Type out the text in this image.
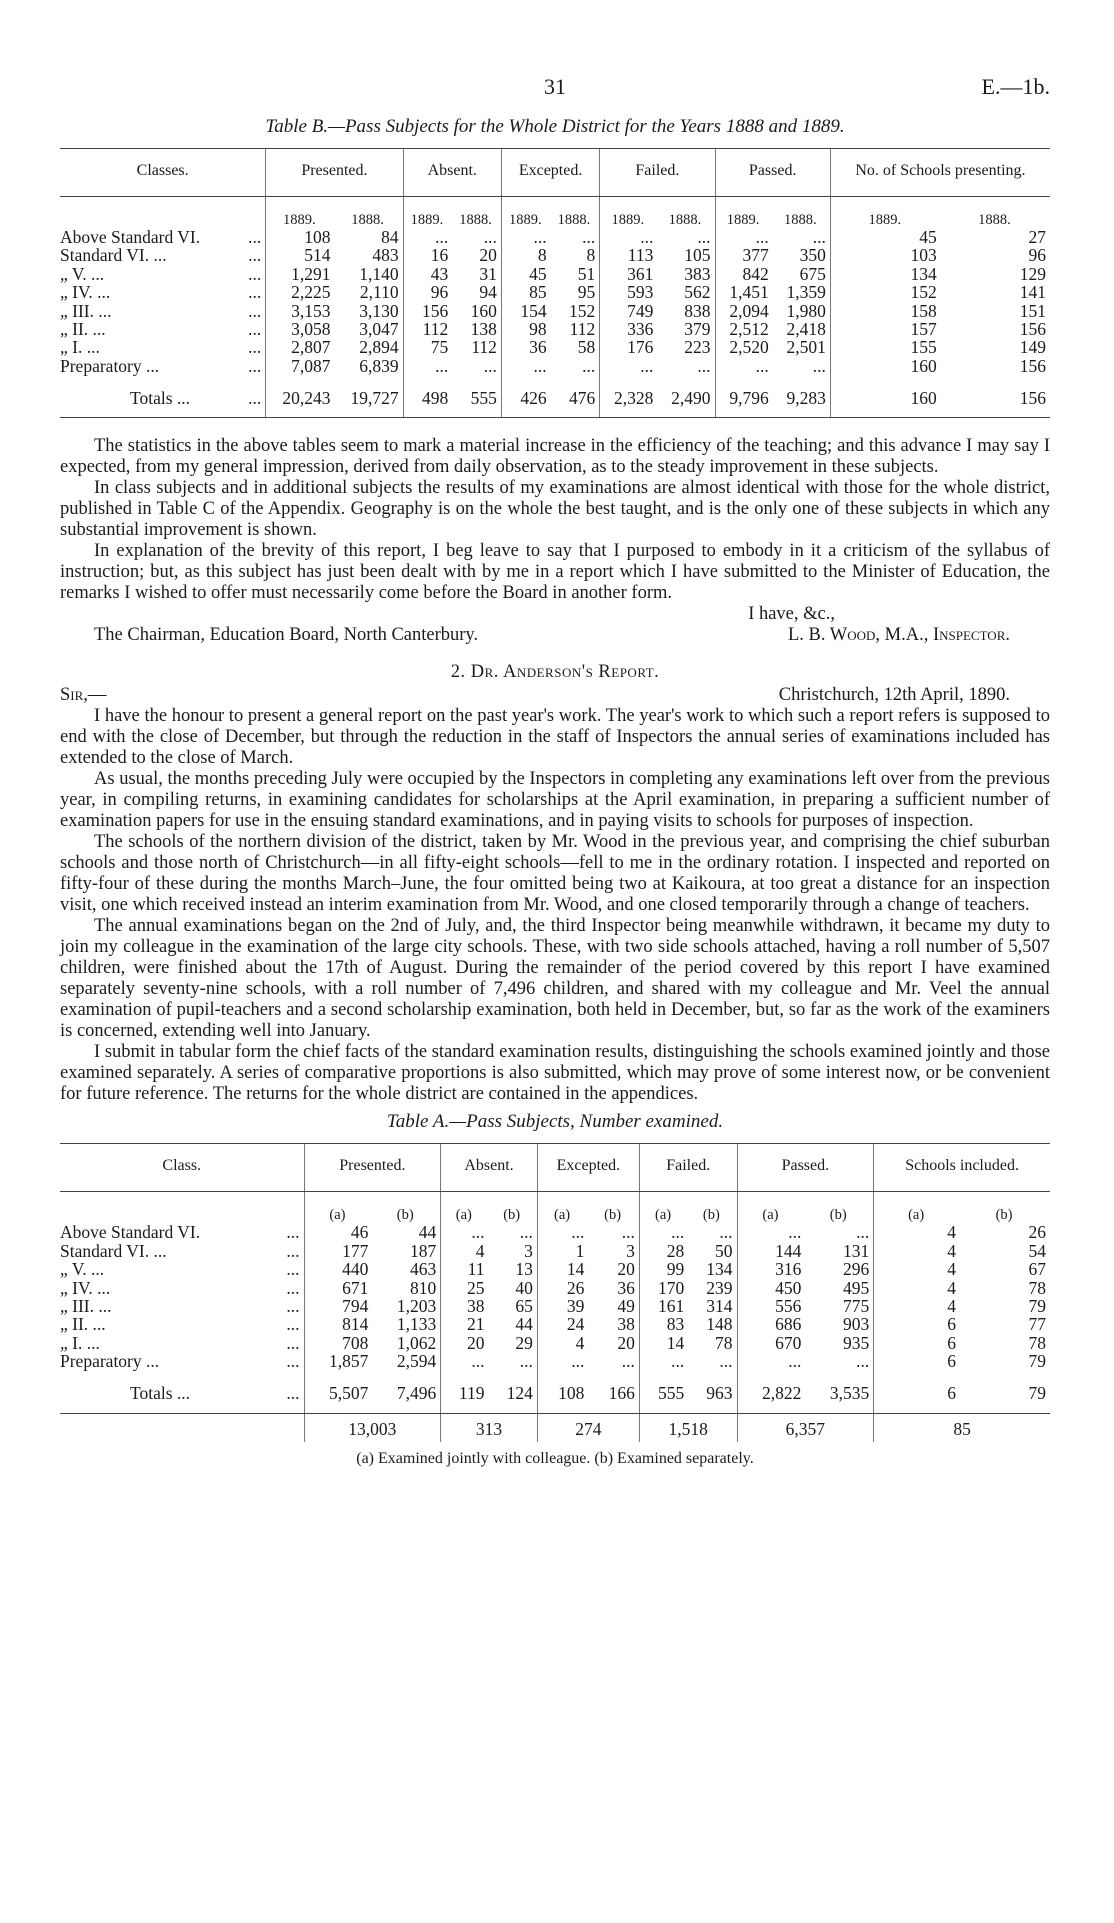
31	E.—1b.
Table B.—Pass Subjects for the Whole District for the Years 1888 and 1889.
Classes.		Presented.		Absent.		Excepted.		Failed.		Passed.		No. of Schools presenting.	
		1889.	1888.	1889.	1888.	1889.	1888.	1889.	1888.	1889.	1888.	1889.	1888.
Above Standard VI.	...	108	84	...	...	...	...	...	...	...	...	45	27
Standard VI. ...	...	514	483	16	20	8	8	113	105	377	350	103	96
„ V. ...	...	1,291	1,140	43	31	45	51	361	383	842	675	134	129
„ IV. ...	...	2,225	2,110	96	94	85	95	593	562	1,451	1,359	152	141
„ III. ...	...	3,153	3,130	156	160	154	152	749	838	2,094	1,980	158	151
„ II. ...	...	3,058	3,047	112	138	98	112	336	379	2,512	2,418	157	156
„ I. ...	...	2,807	2,894	75	112	36	58	176	223	2,520	2,501	155	149
Preparatory ...	...	7,087	6,839	...	...	...	...	...	...	...	...	160	156
Totals ...	...	20,243	19,727	498	555	426	476	2,328	2,490	9,796	9,283	160	156

The statistics in the above tables seem to mark a material increase in the efficiency of the teaching; and this advance I may say I expected, from my general impression, derived from daily observation, as to the steady improvement in these subjects.

In class subjects and in additional subjects the results of my examinations are almost identical with those for the whole district, published in Table C of the Appendix. Geography is on the whole the best taught, and is the only one of these subjects in which any substantial improvement is shown.

In explanation of the brevity of this report, I beg leave to say that I purposed to embody in it a criticism of the syllabus of instruction; but, as this subject has just been dealt with by me in a report which I have submitted to the Minister of Education, the remarks I wished to offer must necessarily come before the Board in another form.

I have, &c.,
The Chairman, Education Board, North Canterbury.	L. B. Wood, M.A., Inspector.
2. Dr. Anderson's Report.
Sir,—	Christchurch, 12th April, 1890.

I have the honour to present a general report on the past year's work. The year's work to which such a report refers is supposed to end with the close of December, but through the reduction in the staff of Inspectors the annual series of examinations included has extended to the close of March.

As usual, the months preceding July were occupied by the Inspectors in completing any examinations left over from the previous year, in compiling returns, in examining candidates for scholarships at the April examination, in preparing a sufficient number of examination papers for use in the ensuing standard examinations, and in paying visits to schools for purposes of inspection.

The schools of the northern division of the district, taken by Mr. Wood in the previous year, and comprising the chief suburban schools and those north of Christchurch—in all fifty-eight schools—fell to me in the ordinary rotation. I inspected and reported on fifty-four of these during the months March–June, the four omitted being two at Kaikoura, at too great a distance for an inspection visit, one which received instead an interim examination from Mr. Wood, and one closed temporarily through a change of teachers.

The annual examinations began on the 2nd of July, and, the third Inspector being meanwhile withdrawn, it became my duty to join my colleague in the examination of the large city schools. These, with two side schools attached, having a roll number of 5,507 children, were finished about the 17th of August. During the remainder of the period covered by this report I have examined separately seventy-nine schools, with a roll number of 7,496 children, and shared with my colleague and Mr. Veel the annual examination of pupil-teachers and a second scholarship examination, both held in December, but, so far as the work of the examiners is concerned, extending well into January.

I submit in tabular form the chief facts of the standard examination results, distinguishing the schools examined jointly and those examined separately. A series of comparative proportions is also submitted, which may prove of some interest now, or be convenient for future reference. The returns for the whole district are contained in the appendices.

Table A.—Pass Subjects, Number examined.
Class.		Presented.		Absent.		Excepted.		Failed.		Passed.		Schools included.	
		(a)	(b)	(a)	(b)	(a)	(b)	(a)	(b)	(a)	(b)	(a)	(b)
Above Standard VI.	...	46	44	...	...	...	...	...	...	...	...	4	26
Standard VI. ...	...	177	187	4	3	1	3	28	50	144	131	4	54
„ V. ...	...	440	463	11	13	14	20	99	134	316	296	4	67
„ IV. ...	...	671	810	25	40	26	36	170	239	450	495	4	78
„ III. ...	...	794	1,203	38	65	39	49	161	314	556	775	4	79
„ II. ...	...	814	1,133	21	44	24	38	83	148	686	903	6	77
„ I. ...	...	708	1,062	20	29	4	20	14	78	670	935	6	78
Preparatory ...	...	1,857	2,594	...	...	...	...	...	...	...	...	6	79
Totals ...	...	5,507	7,496	119	124	108	166	555	963	2,822	3,535	6	79
		13,003		313		274		1,518		6,357		85	
(a) Examined jointly with colleague. (b) Examined separately.
